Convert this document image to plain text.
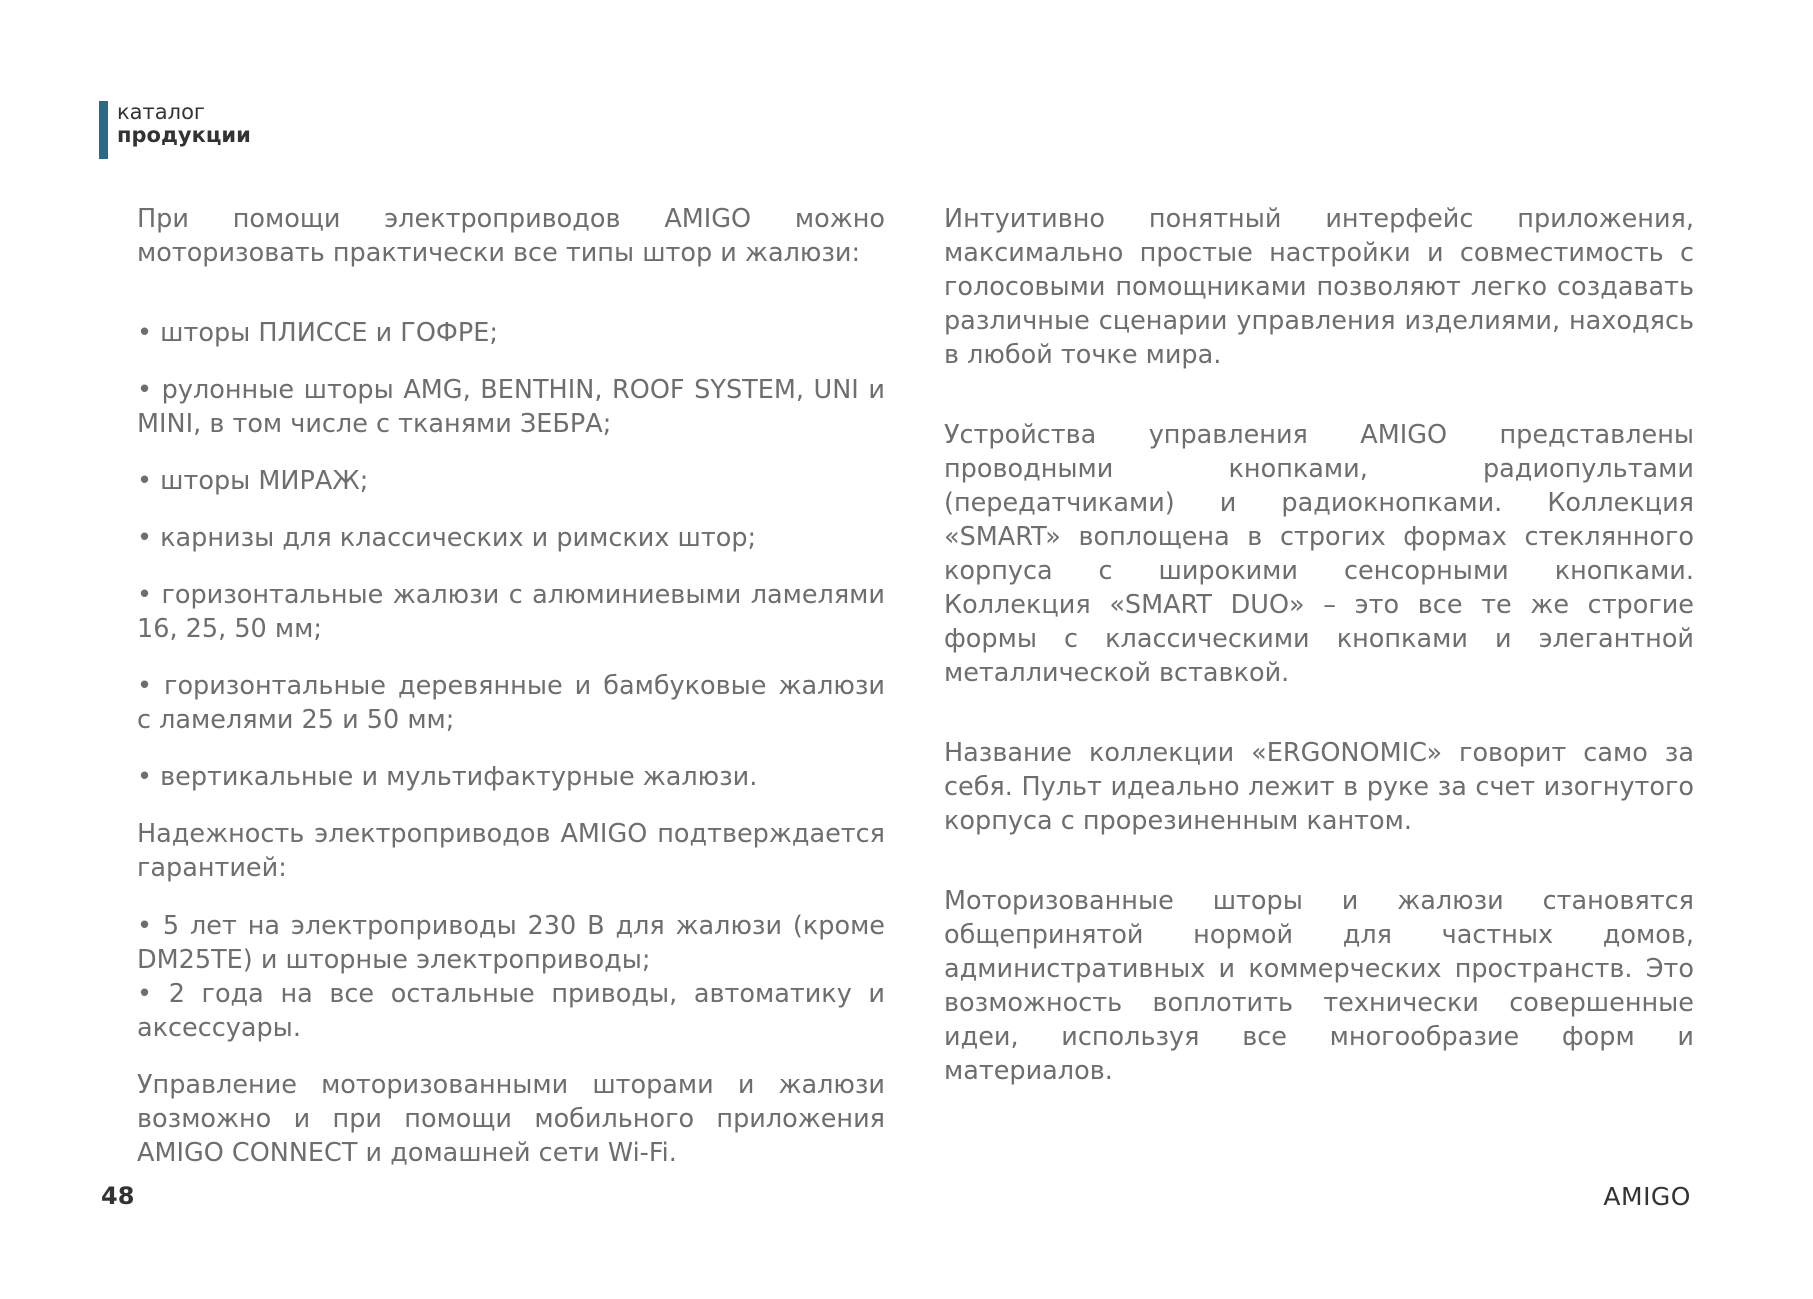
каталог
продукции

При помощи электроприводов AMIGO можно моторизовать практически все типы штор и жалюзи:

• шторы ПЛИССЕ и ГОФРЕ;

• рулонные шторы AMG, BENTHIN, ROOF SYSTEM, UNI и MINI, в том числе с тканями ЗЕБРА;

• шторы МИРАЖ;

• карнизы для классических и римских штор;

• горизонтальные жалюзи с алюминиевыми ламелями 16, 25, 50 мм;

• горизонтальные деревянные и бамбуковые жалюзи с ламелями 25 и 50 мм;

• вертикальные и мультифактурные жалюзи.

Надежность электроприводов AMIGO подтверждается гарантией:

• 5 лет на электроприводы 230 В для жалюзи (кроме DM25TE) и шторные электроприводы;

• 2 года на все остальные приводы, автоматику и аксессуары.

Управление моторизованными шторами и жалюзи возможно и при помощи мобильного приложения AMIGO CONNECT и домашней сети Wi-Fi.

Интуитивно понятный интерфейс приложения, максимально простые настройки и совместимость с голосовыми помощниками позволяют легко создавать различные сценарии управления изделиями, находясь в любой точке мира.

Устройства управления AMIGO представлены проводными кнопками, радиопультами (передатчиками) и радиокнопками. Коллекция «SMART» воплощена в строгих формах стеклянного корпуса с широкими сенсорными кнопками. Коллекция «SMART DUO» – это все те же строгие формы с классическими кнопками и элегантной металлической вставкой.

Название коллекции «ERGONOMIC» говорит само за себя. Пульт идеально лежит в руке за счет изогнутого корпуса с прорезиненным кантом.

Моторизованные шторы и жалюзи становятся общепринятой нормой для частных домов, административных и коммерческих пространств. Это возможность воплотить технически совершенные идеи, используя все многообразие форм и материалов.

48	AMIGO
